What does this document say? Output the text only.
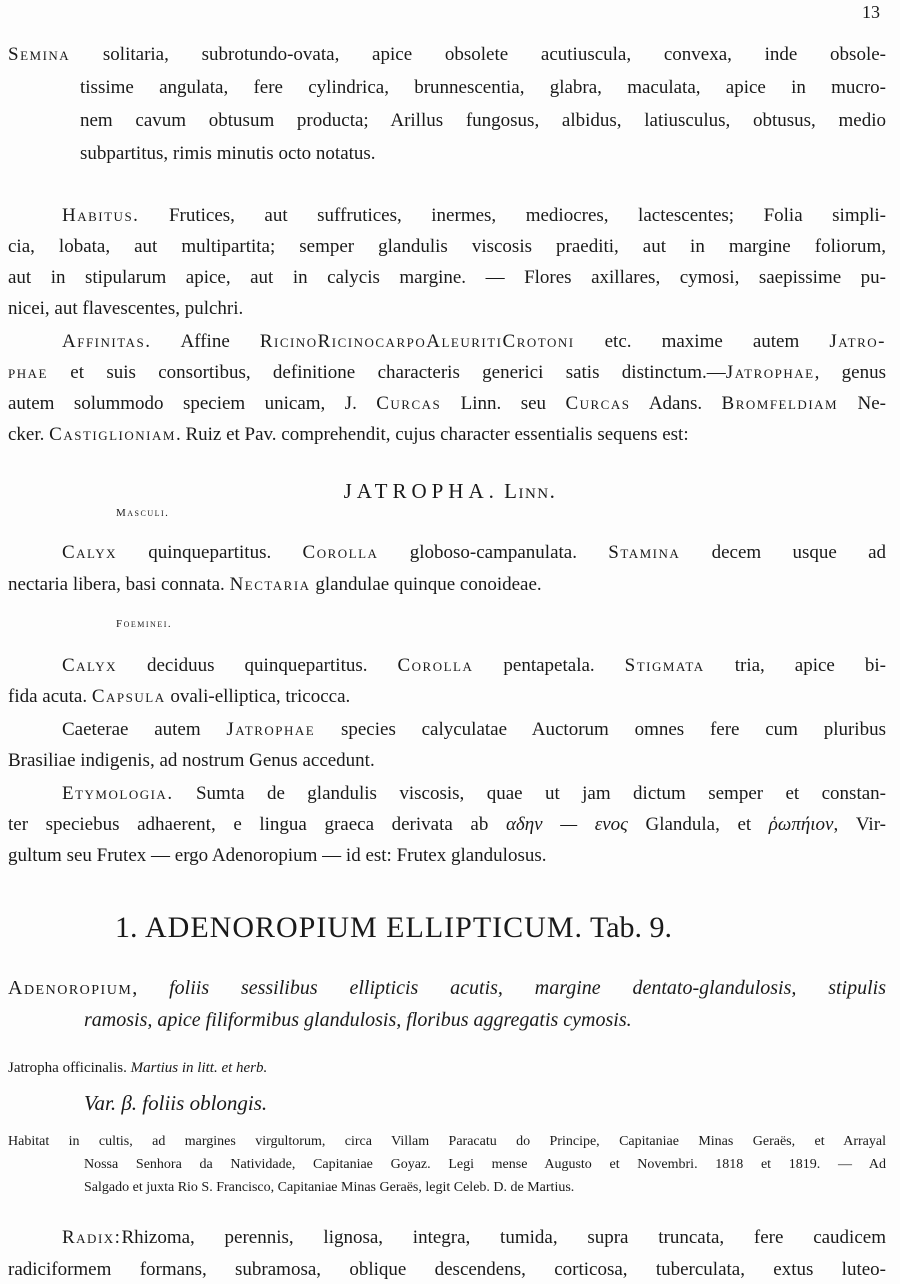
13
Semina solitaria, subrotundo-ovata, apice obsolete acutiuscula, convexa, inde obsole-
tissime angulata, fere cylindrica, brunnescentia, glabra, maculata, apice in mucro-
nem cavum obtusum producta; Arillus fungosus, albidus, latiusculus, obtusus, medio
subpartitus, rimis minutis octo notatus.
Habitus. Frutices, aut suffrutices, inermes, mediocres, lactescentes; Folia simpli-
cia, lobata, aut multipartita; semper glandulis viscosis praediti, aut in margine foliorum,
aut in stipularum apice, aut in calycis margine. — Flores axillares, cymosi, saepissime pu-
nicei, aut flavescentes, pulchri.
Affinitas. Affine RicinoRicinocarpoAleuritiCrotoni etc. maxime autem Jatro-
phae et suis consortibus, definitione characteris generici satis distinctum.—Jatrophae, genus
autem solummodo speciem unicam, J. Curcas Linn. seu Curcas Adans. Bromfeldiam Ne-
cker. Castiglioniam. Ruiz et Pav. comprehendit, cujus character essentialis sequens est:
JATROPHA. Linn.
Masculi.
Calyx quinquepartitus. Corolla globoso-campanulata. Stamina decem usque ad
nectaria libera, basi connata. Nectaria glandulae quinque conoideae.
Foeminei.
Calyx deciduus quinquepartitus. Corolla pentapetala. Stigmata tria, apice bi-
fida acuta. Capsula ovali-elliptica, tricocca.
Caeterae autem Jatrophae species calyculatae Auctorum omnes fere cum pluribus
Brasiliae indigenis, ad nostrum Genus accedunt.
Etymologia. Sumta de glandulis viscosis, quae ut jam dictum semper et constan-
ter speciebus adhaerent, e lingua graeca derivata ab αδην — ενος Glandula, et ῥωπήιον, Vir-
gultum seu Frutex — ergo Adenoropium — id est: Frutex glandulosus.
1. ADENOROPIUM ELLIPTICUM. Tab. 9.
Adenoropium, foliis sessilibus ellipticis acutis, margine dentato-glandulosis, stipulis
ramosis, apice filiformibus glandulosis, floribus aggregatis cymosis.
Jatropha officinalis. Martius in litt. et herb.
Var. β. foliis oblongis.
Habitat in cultis, ad margines virgultorum, circa Villam Paracatu do Principe, Capitaniae Minas Geraës, et Arrayal
Nossa Senhora da Natividade, Capitaniae Goyaz. Legi mense Augusto et Novembri. 1818 et 1819. — Ad
Salgado et juxta Rio S. Francisco, Capitaniae Minas Geraës, legit Celeb. D. de Martius.
Radix:Rhizoma, perennis, lignosa, integra, tumida, supra truncata, fere caudicem
radiciformem formans, subramosa, oblique descendens, corticosa, tuberculata, extus luteo-
